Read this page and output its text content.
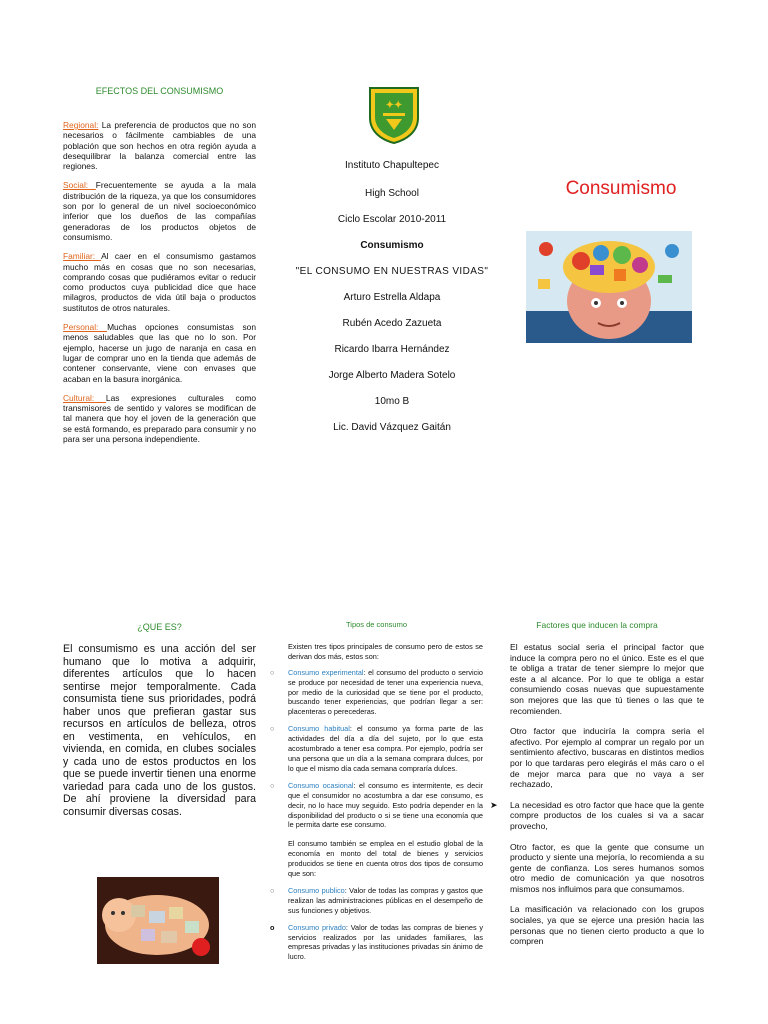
EFECTOS DEL CONSUMISMO

Regional: La preferencia de productos que no son necesarios o fácilmente cambiables de una población que son hechos en otra región ayuda a desequilibrar la balanza comercial entre las regiones.

Social: Frecuentemente se ayuda a la mala distribución de la riqueza, ya que los consumidores son por lo general de un nivel socioeconómico inferior que los dueños de las compañías generadoras de los productos objetos de consumismo.

Familiar: Al caer en el consumismo gastamos mucho más en cosas que no son necesarias, comprando cosas que pudiéramos evitar o reducir como productos cuya publicidad dice que hace milagros, productos de vida útil baja o productos sustitutos de otros naturales.

Personal: Muchas opciones consumistas son menos saludables que las que no lo son. Por ejemplo, hacerse un jugo de naranja en casa en lugar de comprar uno en la tienda que además de contener conservante, viene con envases que acaban en la basura inorgánica.

Cultural: Las expresiones culturales como transmisores de sentido y valores se modifican de tal manera que hoy el joven de la generación que se está formando, es preparado para consumir y no para ser una persona independiente.

✦✦

Instituto Chapultepec

High School

Ciclo Escolar 2010-2011

Consumismo

"EL CONSUMO EN NUESTRAS VIDAS"

Arturo Estrella Aldapa

Rubén Acedo Zazueta

Ricardo Ibarra Hernández

Jorge Alberto Madera Sotelo

10mo B

Lic. David Vázquez Gaitán

Consumismo

¿QUE ES?

El consumismo es una acción del ser humano que lo motiva a adquirir, diferentes artículos que lo hacen sentirse mejor temporalmente. Cada consumista tiene sus prioridades, podrá haber unos que prefieran gastar sus recursos en artículos de belleza, otros en vestimenta, en vehículos, en vivienda, en comida, en clubes sociales y cada uno de estos productos en los que se puede invertir tienen una enorme variedad para cada uno de los gustos. De ahí proviene la diversidad para consumir diversas cosas.

Tipos de consumo

Existen tres tipos principales de consumo pero de estos se derivan dos más, estos son:

○	Consumo experimental: el consumo del producto o servicio se produce por necesidad de tener una experiencia nueva, por medio de la curiosidad que se tiene por el producto, buscando tener experiencias, que podrían llegar a ser: placenteras o perecederas.

○	Consumo habitual: el consumo ya forma parte de las actividades del día a día del sujeto, por lo que esta acostumbrado a tener esa compra. Por ejemplo, podría ser una persona que un día a la semana comprara dulces, por lo que el mismo día cada semana compraría dulces.

○	Consumo ocasional: el consumo es intermitente, es decir que el consumidor no acostumbra a dar ese consumo, es decir, no lo hace muy seguido. Esto podría depender en la disponibilidad del producto o si se tiene una economía que le permita darte ese consumo.

El consumo también se emplea en el estudio global de la economía en monto del total de bienes y servicios producidos se tiene en cuenta otros dos tipos de consumo que son:

○	Consumo publico: Valor de todas las compras y gastos que realizan las administraciones públicas en el desempeño de sus funciones y objetivos.

o	Consumo privado: Valor de todas las compras de bienes y servicios realizados por las unidades familiares, las empresas privadas y las instituciones privadas sin ánimo de lucro.

Factores que inducen la compra

El estatus social seria el principal factor que induce la compra pero no el único. Este es el que te obliga a tratar de tener siempre lo mejor que este a al alcance. Por lo que te obliga a estar consumiendo cosas nuevas que supuestamente son mejores que las que tú tienes o las que te recomienden.

Otro factor que induciría la compra seria el afectivo. Por ejemplo al comprar un regalo por un sentimiento afectivo, buscaras en distintos medios por lo que tardaras pero elegirás el más caro o el de mejor marca para que no vaya a ser rechazado,

➤	La necesidad es otro factor que hace que la gente compre productos de los cuales si va a sacar provecho,

Otro factor, es que la gente que consume un producto y siente una mejoría, lo recomienda a su gente de confianza. Los seres humanos somos otro medio de comunicación ya que nosotros mismos nos influimos para que consumamos.

La masificación va relacionado con los grupos sociales, ya que se ejerce una presión hacia las personas que no tienen cierto producto a que lo compren
